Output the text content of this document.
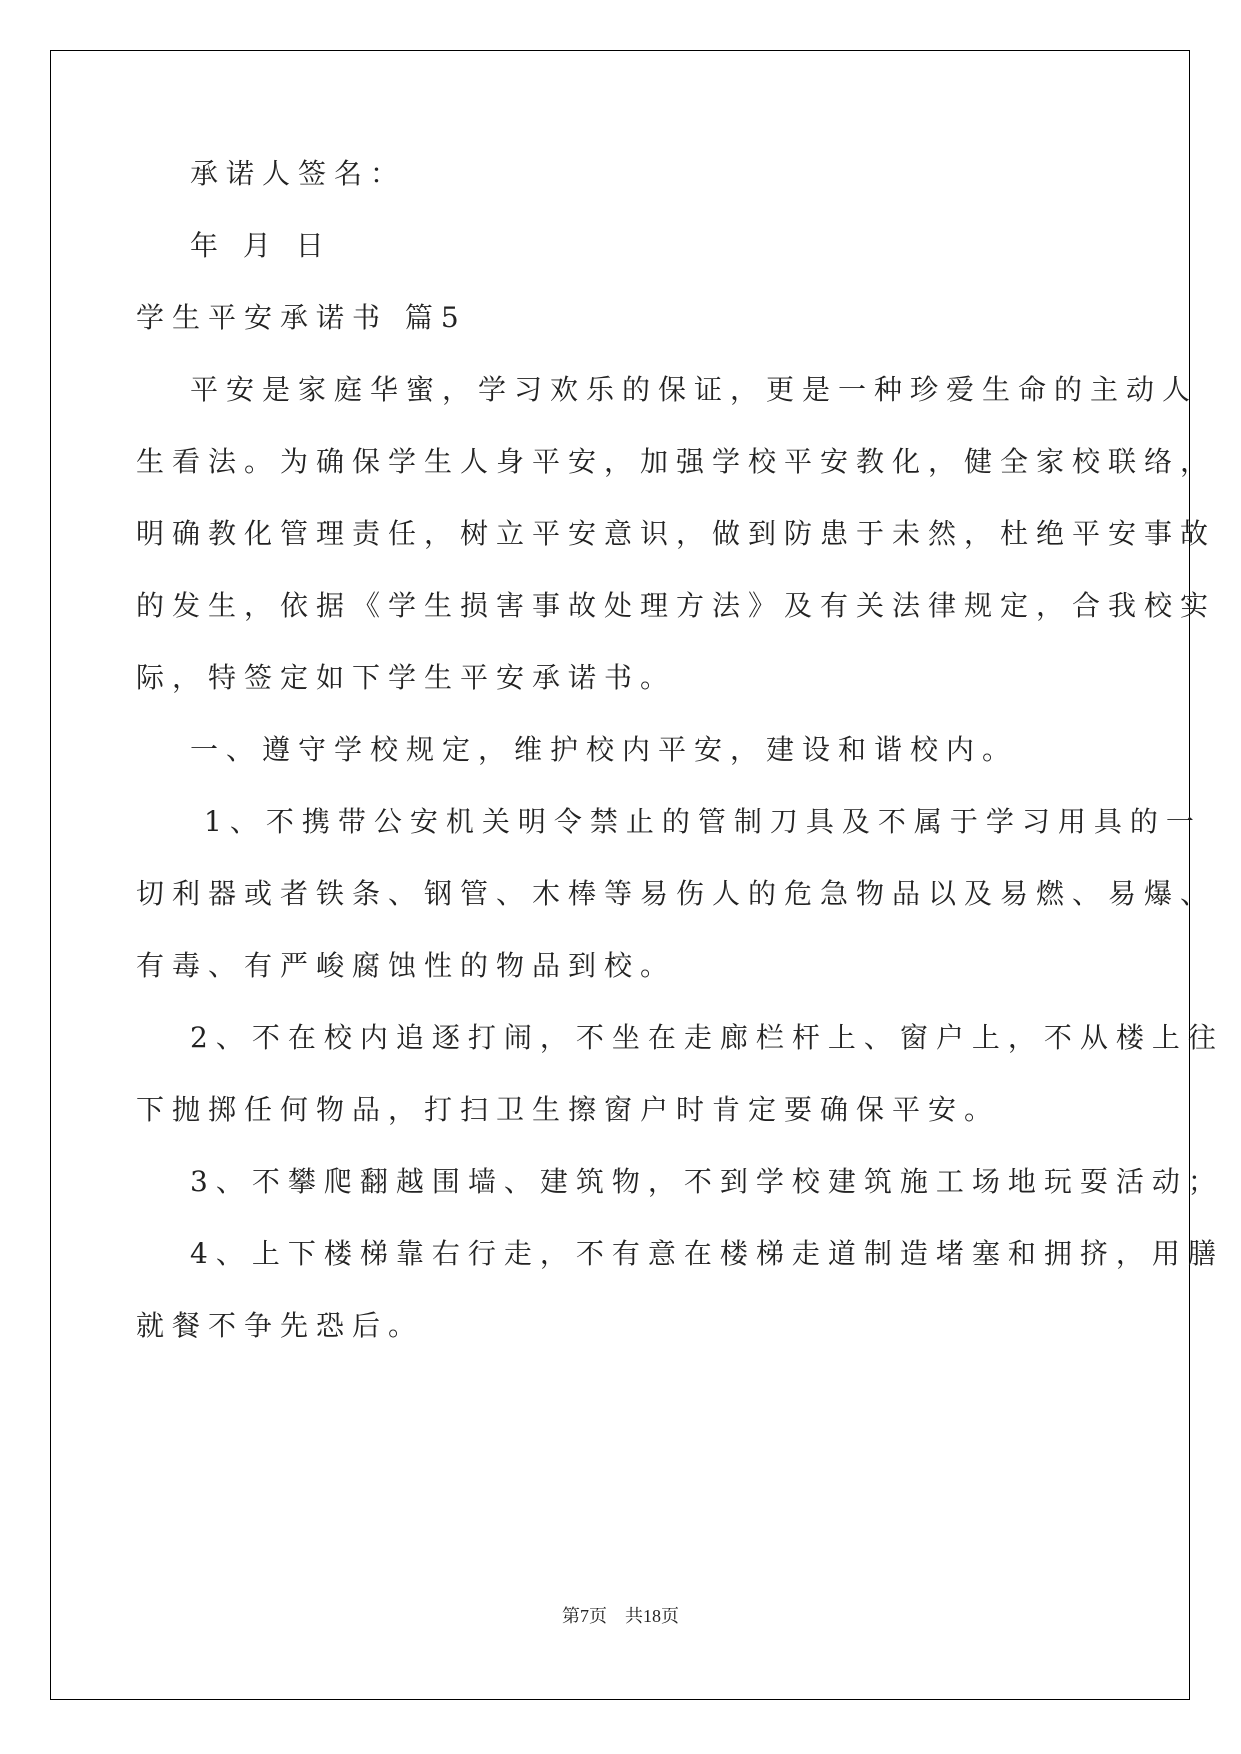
承诺人签名：

年 月 日

学生平安承诺书 篇5

平安是家庭华蜜，学习欢乐的保证，更是一种珍爱生命的主动人

生看法。为确保学生人身平安，加强学校平安教化，健全家校联络，

明确教化管理责任，树立平安意识，做到防患于未然，杜绝平安事故

的发生，依据《学生损害事故处理方法》及有关法律规定，合我校实

际，特签定如下学生平安承诺书。

一、遵守学校规定，维护校内平安，建设和谐校内。

1、不携带公安机关明令禁止的管制刀具及不属于学习用具的一

切利器或者铁条、钢管、木棒等易伤人的危急物品以及易燃、易爆、

有毒、有严峻腐蚀性的物品到校。

2、不在校内追逐打闹，不坐在走廊栏杆上、窗户上，不从楼上往

下抛掷任何物品，打扫卫生擦窗户时肯定要确保平安。

3、不攀爬翻越围墙、建筑物，不到学校建筑施工场地玩耍活动；

4、上下楼梯靠右行走，不有意在楼梯走道制造堵塞和拥挤，用膳

就餐不争先恐后。

第7页　共18页
